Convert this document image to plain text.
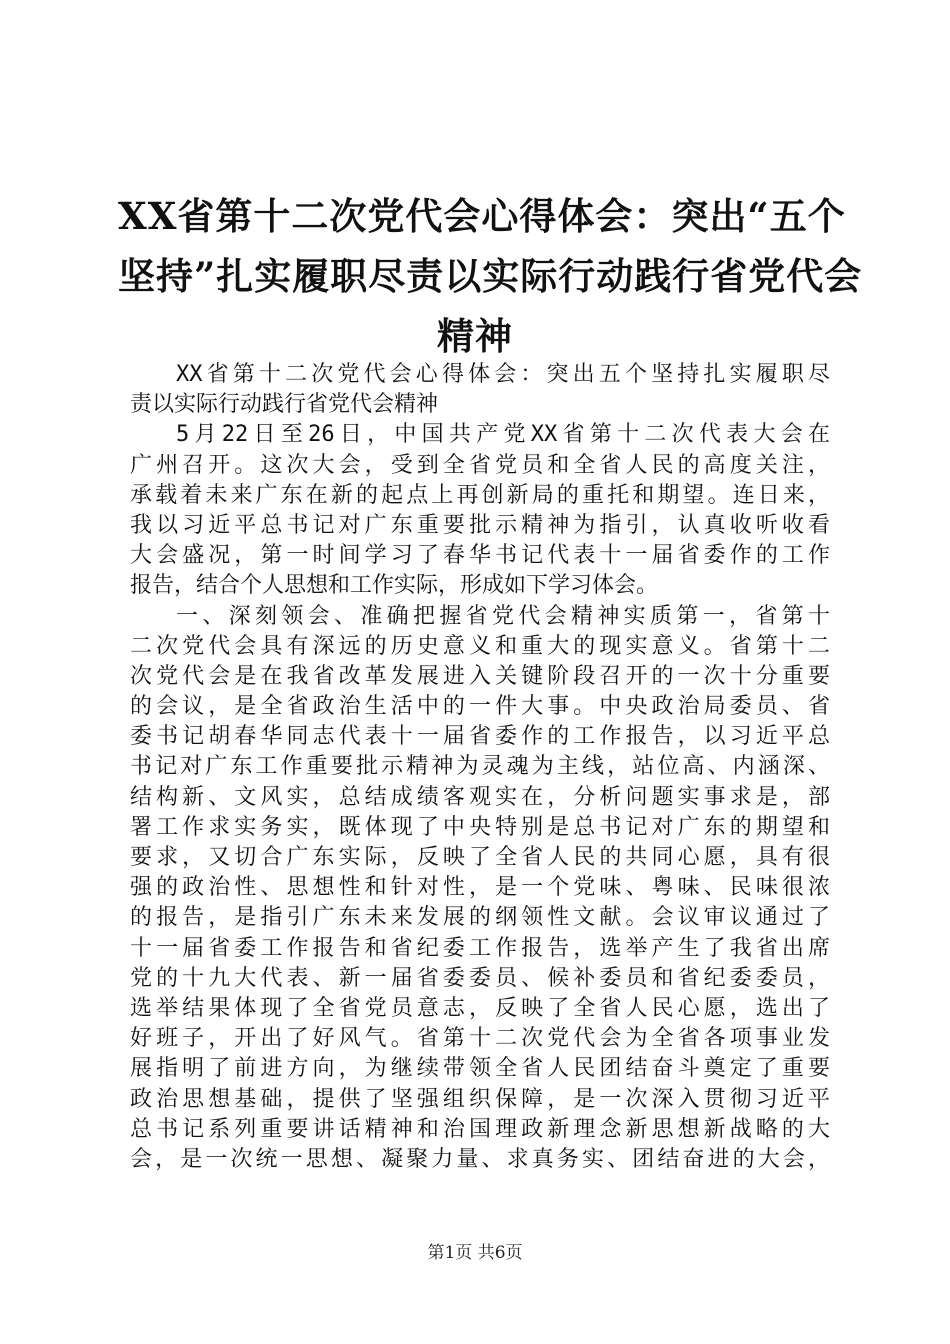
XX省第十二次党代会心得体会：突出“五个
坚持”扎实履职尽责以实际行动践行省党代会
精神
XX省第十二次党代会心得体会：突出五个坚持扎实履职尽
责以实际行动践行省党代会精神
5月22日至26日，中国共产党XX省第十二次代表大会在
广州召开。这次大会，受到全省党员和全省人民的高度关注，
承载着未来广东在新的起点上再创新局的重托和期望。连日来，
我以习近平总书记对广东重要批示精神为指引，认真收听收看
大会盛况，第一时间学习了春华书记代表十一届省委作的工作
报告，结合个人思想和工作实际，形成如下学习体会。
一、深刻领会、准确把握省党代会精神实质第一，省第十
二次党代会具有深远的历史意义和重大的现实意义。省第十二
次党代会是在我省改革发展进入关键阶段召开的一次十分重要
的会议，是全省政治生活中的一件大事。中央政治局委员、省
委书记胡春华同志代表十一届省委作的工作报告，以习近平总
书记对广东工作重要批示精神为灵魂为主线，站位高、内涵深、
结构新、文风实，总结成绩客观实在，分析问题实事求是，部
署工作求实务实，既体现了中央特别是总书记对广东的期望和
要求，又切合广东实际，反映了全省人民的共同心愿，具有很
强的政治性、思想性和针对性，是一个党味、粤味、民味很浓
的报告，是指引广东未来发展的纲领性文献。会议审议通过了
十一届省委工作报告和省纪委工作报告，选举产生了我省出席
党的十九大代表、新一届省委委员、候补委员和省纪委委员，
选举结果体现了全省党员意志，反映了全省人民心愿，选出了
好班子，开出了好风气。省第十二次党代会为全省各项事业发
展指明了前进方向，为继续带领全省人民团结奋斗奠定了重要
政治思想基础，提供了坚强组织保障，是一次深入贯彻习近平
总书记系列重要讲话精神和治国理政新理念新思想新战略的大
会，是一次统一思想、凝聚力量、求真务实、团结奋进的大会，
第1页 共6页
